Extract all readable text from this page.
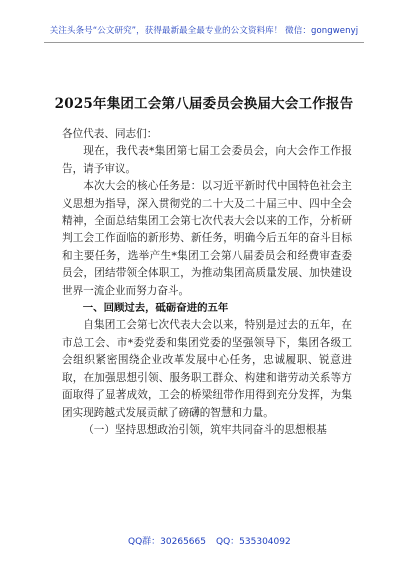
关注头条号“公文研究”，获得最新最全最专业的公文资料库！ 微信：gongwenyj
2025年集团工会第八届委员会换届大会工作报告

各位代表、同志们：

现在，我代表*集团第七届工会委员会，向大会作工作报告，请予审议。

本次大会的核心任务是：以习近平新时代中国特色社会主义思想为指导，深入贯彻党的二十大及二十届三中、四中全会精神，全面总结集团工会第七次代表大会以来的工作，分析研判工会工作面临的新形势、新任务，明确今后五年的奋斗目标和主要任务，选举产生*集团工会第八届委员会和经费审查委员会，团结带领全体职工，为推动集团高质量发展、加快建设世界一流企业而努力奋斗。

一、回顾过去，砥砺奋进的五年

自集团工会第七次代表大会以来，特别是过去的五年，在市总工会、市*委党委和集团党委的坚强领导下，集团各级工会组织紧密围绕企业改革发展中心任务，忠诚履职、锐意进取，在加强思想引领、服务职工群众、构建和谐劳动关系等方面取得了显著成效，工会的桥梁纽带作用得到充分发挥，为集团实现跨越式发展贡献了磅礴的智慧和力量。

（一）坚持思想政治引领，筑牢共同奋斗的思想根基

QQ群：30265665 QQ：535304092
